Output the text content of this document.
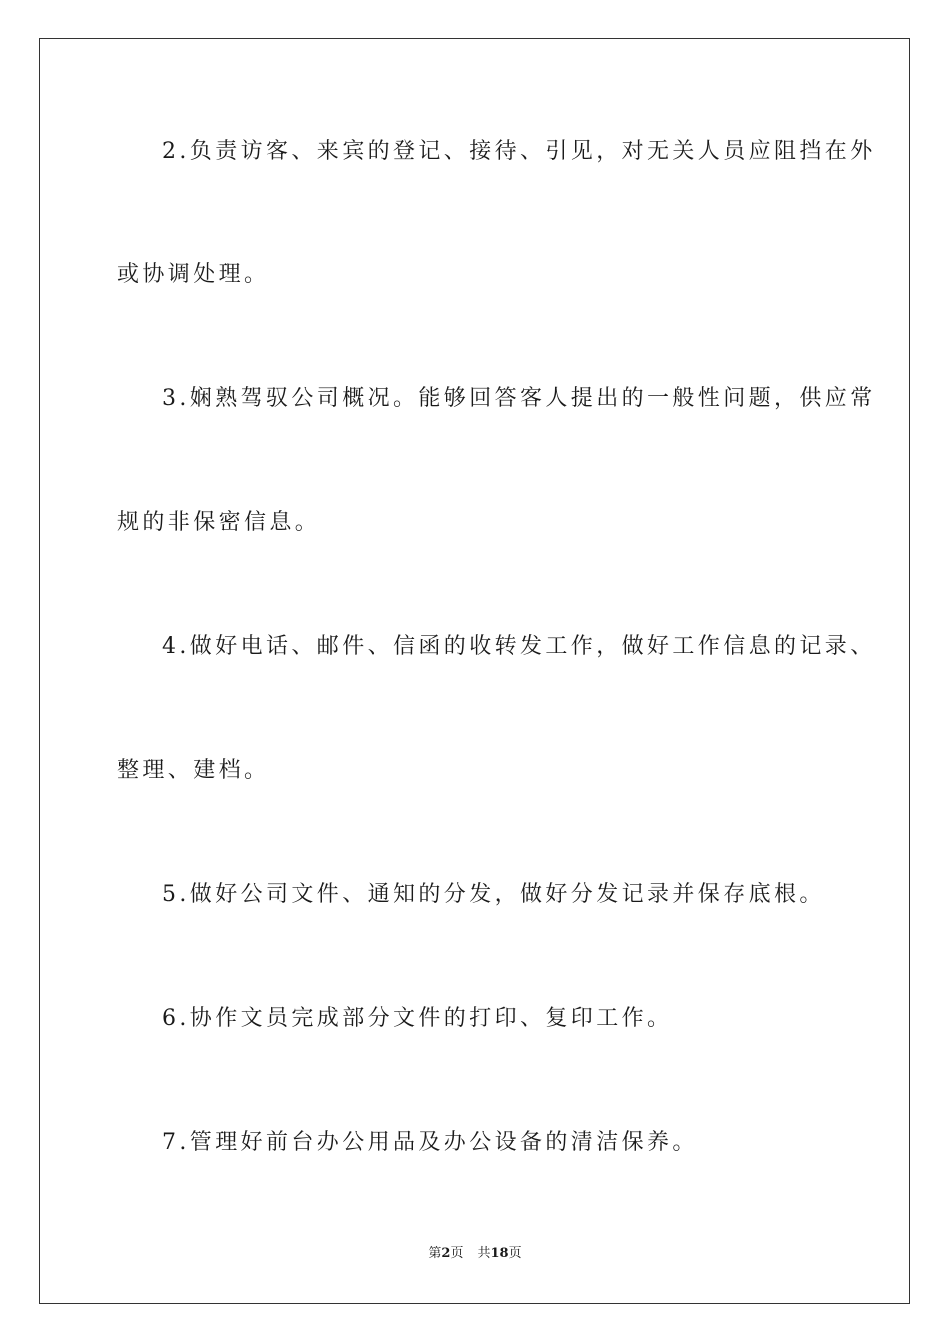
2.负责访客、来宾的登记、接待、引见，对无关人员应阻挡在外
或协调处理。
3.娴熟驾驭公司概况。能够回答客人提出的一般性问题，供应常
规的非保密信息。
4.做好电话、邮件、信函的收转发工作，做好工作信息的记录、
整理、建档。
5.做好公司文件、通知的分发，做好分发记录并保存底根。
6.协作文员完成部分文件的打印、复印工作。
7.管理好前台办公用品及办公设备的清洁保养。
第2页 共18页
